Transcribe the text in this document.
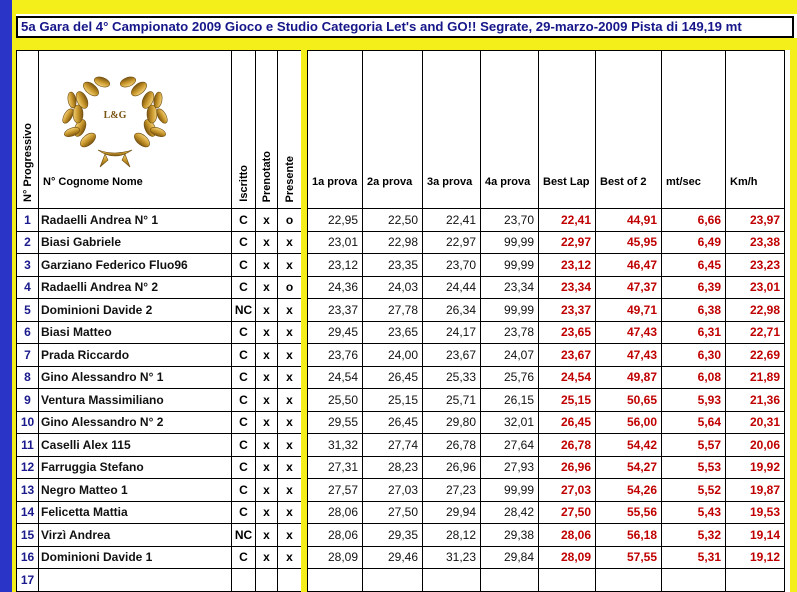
5a Gara del 4° Campionato 2009 Gioco e Studio Categoria Let's and GO!! Segrate, 29-marzo-2009 Pista di 149,19 mt
N° Progressivo	N° Cognome Nome	Iscritto	Prenotato	Presente		1a prova	2a prova	3a prova	4a prova	Best Lap	Best of 2	mt/sec	Km/h

1	Radaelli Andrea N° 1	C	x	o		22,95	22,50	22,41	23,70	22,41	44,91	6,66	23,97
2	Biasi Gabriele	C	x	x		23,01	22,98	22,97	99,99	22,97	45,95	6,49	23,38
3	Garziano Federico Fluo96	C	x	x		23,12	23,35	23,70	99,99	23,12	46,47	6,45	23,23
4	Radaelli Andrea N° 2	C	x	o		24,36	24,03	24,44	23,34	23,34	47,37	6,39	23,01
5	Dominioni Davide 2	NC	x	x		23,37	27,78	26,34	99,99	23,37	49,71	6,38	22,98
6	Biasi Matteo	C	x	x		29,45	23,65	24,17	23,78	23,65	47,43	6,31	22,71
7	Prada Riccardo	C	x	x		23,76	24,00	23,67	24,07	23,67	47,43	6,30	22,69
8	Gino Alessandro N° 1	C	x	x		24,54	26,45	25,33	25,76	24,54	49,87	6,08	21,89
9	Ventura Massimiliano	C	x	x		25,50	25,15	25,71	26,15	25,15	50,65	5,93	21,36
10	Gino Alessandro N° 2	C	x	x		29,55	26,45	29,80	32,01	26,45	56,00	5,64	20,31
11	Caselli Alex 115	C	x	x		31,32	27,74	26,78	27,64	26,78	54,42	5,57	20,06
12	Farruggia Stefano	C	x	x		27,31	28,23	26,96	27,93	26,96	54,27	5,53	19,92
13	Negro Matteo 1	C	x	x		27,57	27,03	27,23	99,99	27,03	54,26	5,52	19,87
14	Felicetta Mattia	C	x	x		28,06	27,50	29,94	28,42	27,50	55,56	5,43	19,53
15	Virzì Andrea	NC	x	x		28,06	29,35	28,12	29,38	28,06	56,18	5,32	19,14
16	Dominioni Davide 1	C	x	x		28,09	29,46	31,23	29,84	28,09	57,55	5,31	19,12
17													
L&G
